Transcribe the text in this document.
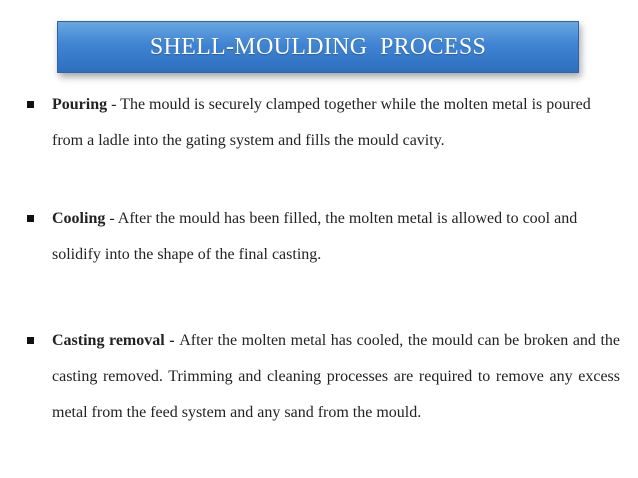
SHELL-MOULDING  PROCESS
Pouring - The mould is securely clamped together while the molten metal is poured from a ladle into the gating system and fills the mould cavity.
Cooling - After the mould has been filled, the molten metal is allowed to cool and solidify into the shape of the final casting.
Casting removal - After the molten metal has cooled, the mould can be broken and the casting removed. Trimming and cleaning processes are required to remove any excess metal from the feed system and any sand from the mould.
